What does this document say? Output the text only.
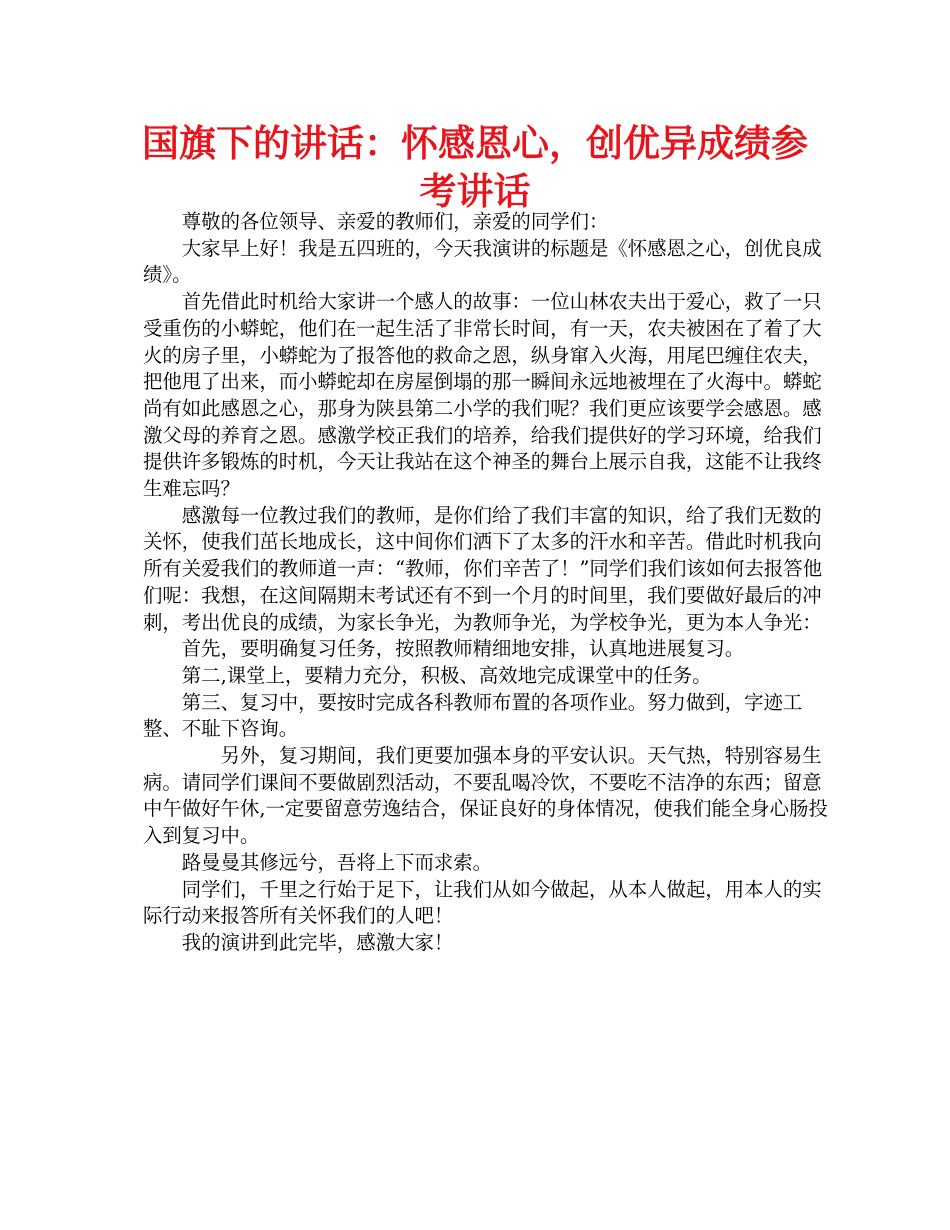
国旗下的讲话：怀感恩心，创优异成绩参考讲话

尊敬的各位领导、亲爱的教师们，亲爱的同学们：

大家早上好！我是五四班的，今天我演讲的标题是《怀感恩之心，创优良成绩》。

首先借此时机给大家讲一个感人的故事：一位山林农夫出于爱心，救了一只受重伤的小蟒蛇，他们在一起生活了非常长时间，有一天，农夫被困在了着了大火的房子里，小蟒蛇为了报答他的救命之恩，纵身窜入火海，用尾巴缠住农夫，把他甩了出来，而小蟒蛇却在房屋倒塌的那一瞬间永远地被埋在了火海中。蟒蛇尚有如此感恩之心，那身为陕县第二小学的我们呢？我们更应该要学会感恩。感激父母的养育之恩。感激学校正我们的培养，给我们提供好的学习环境，给我们提供许多锻炼的时机，今天让我站在这个神圣的舞台上展示自我，这能不让我终生难忘吗？

感激每一位教过我们的教师，是你们给了我们丰富的知识，给了我们无数的关怀，使我们茁长地成长，这中间你们洒下了太多的汗水和辛苦。借此时机我向所有关爱我们的教师道一声：“教师，你们辛苦了！”同学们我们该如何去报答他们呢：我想，在这间隔期末考试还有不到一个月的时间里，我们要做好最后的冲刺，考出优良的成绩，为家长争光，为教师争光，为学校争光，更为本人争光：

首先，要明确复习任务，按照教师精细地安排，认真地进展复习。

第二,课堂上，要精力充分，积极、高效地完成课堂中的任务。

第三、复习中，要按时完成各科教师布置的各项作业。努力做到，字迹工整、不耻下咨询。

另外，复习期间，我们更要加强本身的平安认识。天气热，特别容易生病。请同学们课间不要做剧烈活动，不要乱喝冷饮，不要吃不洁净的东西；留意中午做好午休,一定要留意劳逸结合，保证良好的身体情况，使我们能全身心肠投入到复习中。

路曼曼其修远兮，吾将上下而求索。

同学们，千里之行始于足下，让我们从如今做起，从本人做起，用本人的实际行动来报答所有关怀我们的人吧！

我的演讲到此完毕，感激大家！
